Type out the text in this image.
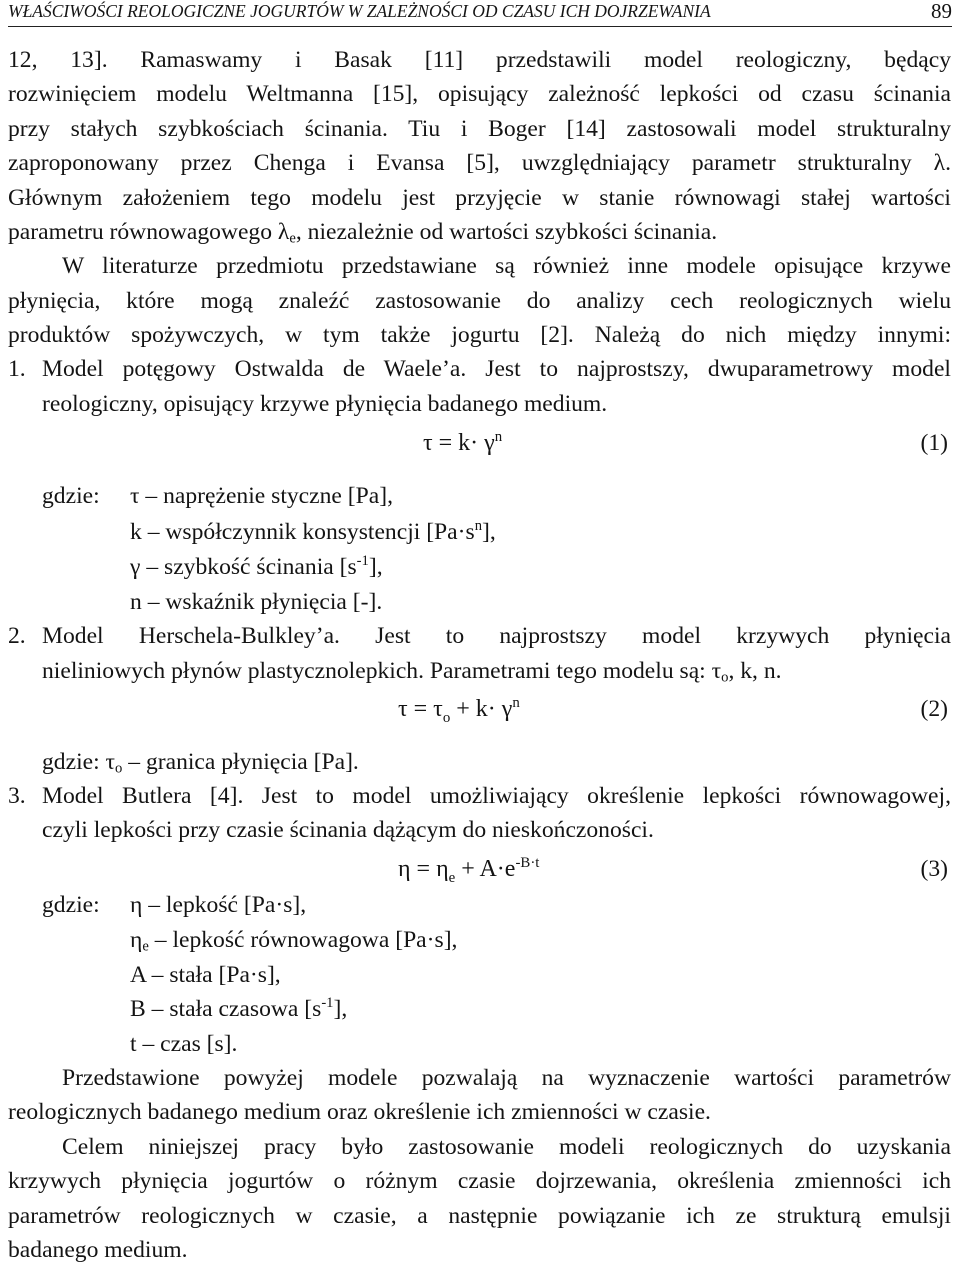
WŁAŚCIWOŚCI REOLOGICZNE JOGURTÓW W ZALEŻNOŚCI OD CZASU ICH DOJRZEWANIA	89
12, 13]. Ramaswamy i Basak [11] przedstawili model reologiczny, będący
rozwinięciem modelu Weltmanna [15], opisujący zależność lepkości od czasu ścinania
przy stałych szybkościach ścinania. Tiu i Boger [14] zastosowali model strukturalny
zaproponowany przez Chenga i Evansa [5], uwzględniający parametr strukturalny λ.
Głównym założeniem tego modelu jest przyjęcie w stanie równowagi stałej wartości
parametru równowagowego λe, niezależnie od wartości szybkości ścinania.
W literaturze przedmiotu przedstawiane są również inne modele opisujące krzywe
płynięcia, które mogą znaleźć zastosowanie do analizy cech reologicznych wielu
produktów spożywczych, w tym także jogurtu [2]. Należą do nich między innymi:
1. Model potęgowy Ostwalda de Waele’a. Jest to najprostszy, dwuparametrowy model
reologiczny, opisujący krzywe płynięcia badanego medium.
$\tau = k\cdot \gamma^n$	(1)
gdzie: τ – naprężenie styczne [Pa],
k – współczynnik konsystencji $[Pa\cdot s^n]$,
γ – szybkość ścinania $[s^{-1}]$,
n – wskaźnik płynięcia [-].
2. Model Herschela-Bulkley’a. Jest to najprostszy model krzywych płynięcia
nieliniowych płynów plastycznolepkich. Parametrami tego modelu są: τo, k, n.
$\tau = \tau_o + k\cdot \gamma^n$	(2)
gdzie: τo – granica płynięcia [Pa].
3. Model Butlera [4]. Jest to model umożliwiający określenie lepkości równowagowej,
czyli lepkości przy czasie ścinania dążącym do nieskończoności.
$\eta = \eta_e + A\cdot e^{-B\cdot t}$	(3)
gdzie: η – lepkość [Pa·s],
ηe – lepkość równowagowa [Pa·s],
A – stała [Pa·s],
B – stała czasowa $[s^{-1}]$,
t – czas [s].
Przedstawione powyżej modele pozwalają na wyznaczenie wartości parametrów
reologicznych badanego medium oraz określenie ich zmienności w czasie.
Celem niniejszej pracy było zastosowanie modeli reologicznych do uzyskania
krzywych płynięcia jogurtów o różnym czasie dojrzewania, określenia zmienności ich
parametrów reologicznych w czasie, a następnie powiązanie ich ze strukturą emulsji
badanego medium.
